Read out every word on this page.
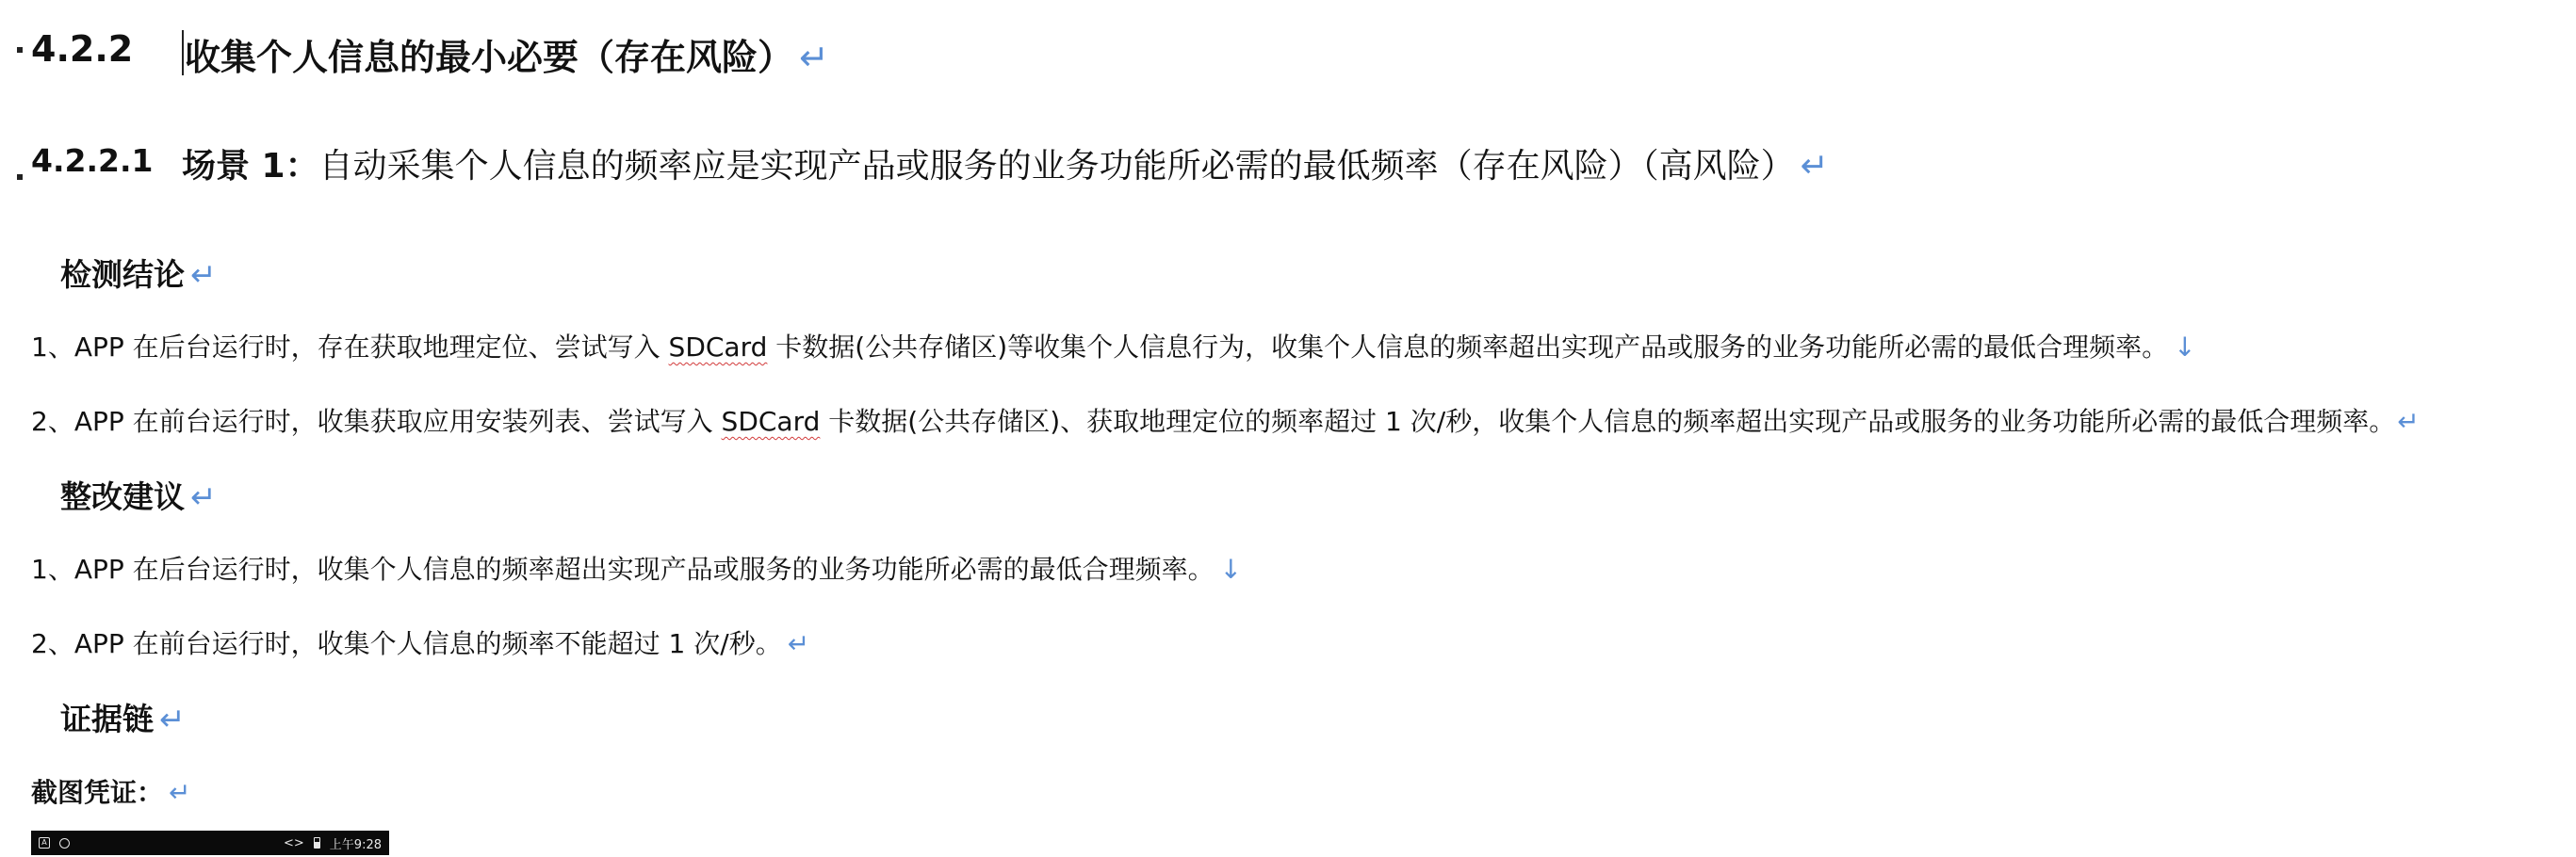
4.2.2 收集个人信息的最小必要（存在风险） ↵
4.2.2.1 场景 1：自动采集个人信息的频率应是实现产品或服务的业务功能所必需的最低频率（存在风险）（高风险） ↵
检测结论 ↵
1、APP 在后台运行时，存在获取地理定位、尝试写入 SDCard 卡数据(公共存储区)等收集个人信息行为，收集个人信息的频率超出实现产品或服务的业务功能所必需的最低合理频率。 ↓
2、APP 在前台运行时，收集获取应用安装列表、尝试写入 SDCard 卡数据(公共存储区)、获取地理定位的频率超过 1 次/秒，收集个人信息的频率超出实现产品或服务的业务功能所必需的最低合理频率。↵
整改建议 ↵
1、APP 在后台运行时，收集个人信息的频率超出实现产品或服务的业务功能所必需的最低合理频率。 ↓
2、APP 在前台运行时，收集个人信息的频率不能超过 1 次/秒。 ↵
证据链 ↵
截图凭证： ↵
A	<> 上午9:28
